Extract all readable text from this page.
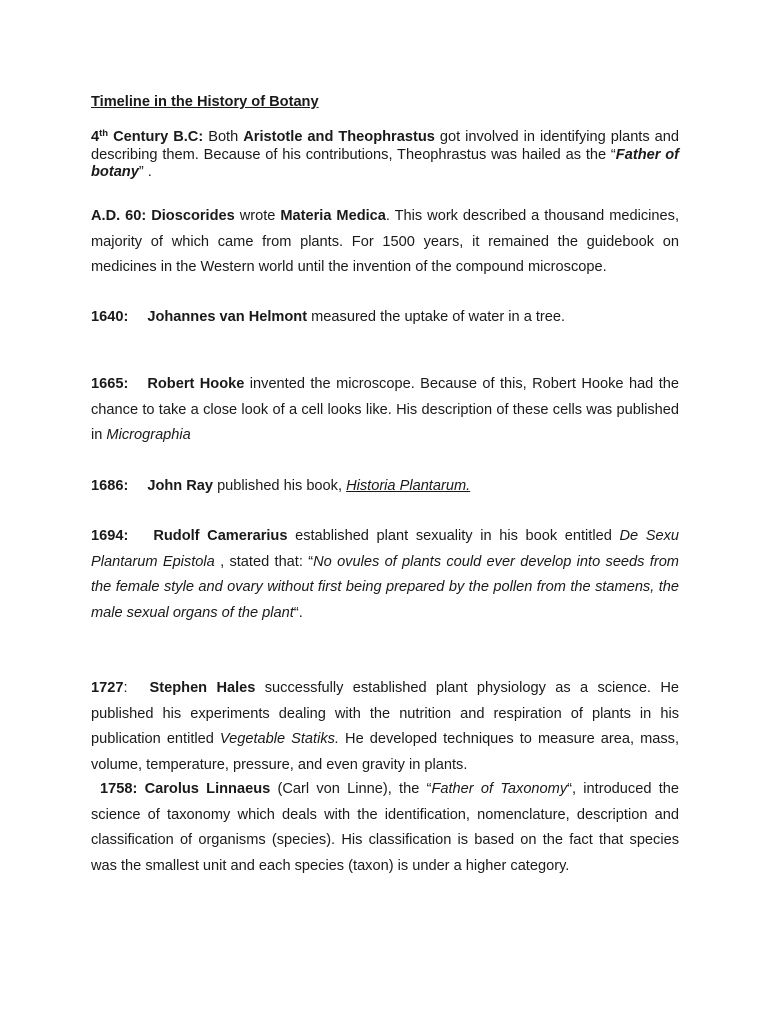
Timeline in the History of Botany

4th Century B.C: Both Aristotle and Theophrastus got involved in identifying plants and describing them. Because of his contributions, Theophrastus was hailed as the “Father of botany” .

A.D. 60: Dioscorides wrote Materia Medica. This work described a thousand medicines, majority of which came from plants. For 1500 years, it remained the guidebook on medicines in the Western world until the invention of the compound microscope.

1640: Johannes van Helmont measured the uptake of water in a tree.

1665: Robert Hooke invented the microscope. Because of this, Robert Hooke had the chance to take a close look of a cell looks like. His description of these cells was published in Micrographia

1686: John Ray published his book, Historia Plantarum.

1694: Rudolf Camerarius established plant sexuality in his book entitled De Sexu Plantarum Epistola , stated that: “No ovules of plants could ever develop into seeds from the female style and ovary without first being prepared by the pollen from the stamens, the male sexual organs of the plant“.

1727: Stephen Hales successfully established plant physiology as a science. He published his experiments dealing with the nutrition and respiration of plants in his publication entitled Vegetable Statiks. He developed techniques to measure area, mass, volume, temperature, pressure, and even gravity in plants.

1758: Carolus Linnaeus (Carl von Linne), the “Father of Taxonomy“, introduced the science of taxonomy which deals with the identification, nomenclature, description and classification of organisms (species). His classification is based on the fact that species was the smallest unit and each species (taxon) is under a higher category.
